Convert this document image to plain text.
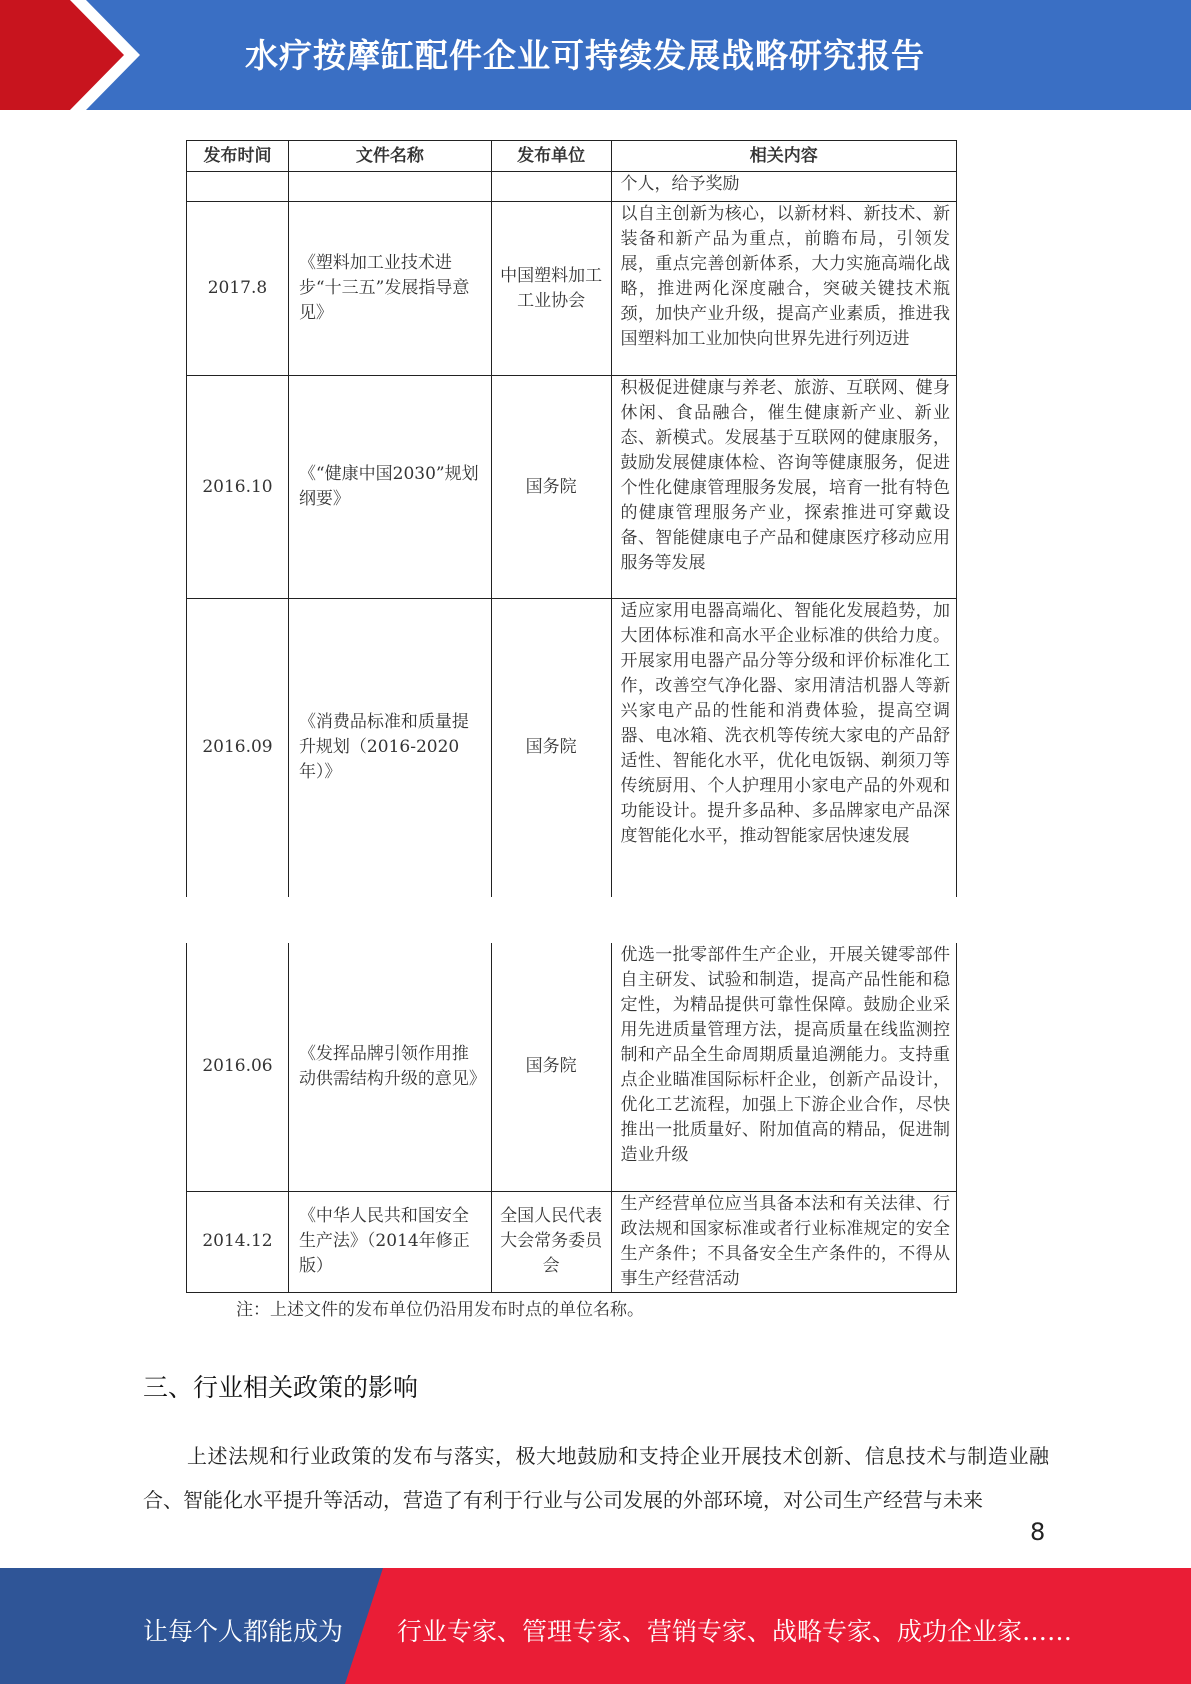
水疗按摩缸配件企业可持续发展战略研究报告
发布时间	文件名称	发布单位	相关内容
			个人，给予奖励
2017.8	《塑料加工业技术进步“十三五”发展指导意见》	中国塑料加工工业协会	以自主创新为核心，以新材料、新技术、新装备和新产品为重点，前瞻布局，引领发展，重点完善创新体系，大力实施高端化战略，推进两化深度融合，突破关键技术瓶颈，加快产业升级，提高产业素质，推进我国塑料加工业加快向世界先进行列迈进
2016.10	《“健康中国2030”规划纲要》	国务院	积极促进健康与养老、旅游、互联网、健身休闲、食品融合，催生健康新产业、新业态、新模式。发展基于互联网的健康服务，鼓励发展健康体检、咨询等健康服务，促进个性化健康管理服务发展，培育一批有特色的健康管理服务产业，探索推进可穿戴设备、智能健康电子产品和健康医疗移动应用服务等发展
2016.09	《消费品标准和质量提升规划（2016-2020年）》	国务院	适应家用电器高端化、智能化发展趋势，加大团体标准和高水平企业标准的供给力度。开展家用电器产品分等分级和评价标准化工作，改善空气净化器、家用清洁机器人等新兴家电产品的性能和消费体验，提高空调器、电冰箱、洗衣机等传统大家电的产品舒适性、智能化水平，优化电饭锅、剃须刀等传统厨用、个人护理用小家电产品的外观和功能设计。提升多品种、多品牌家电产品深度智能化水平，推动智能家居快速发展
2016.06	《发挥品牌引领作用推动供需结构升级的意见》	国务院	优选一批零部件生产企业，开展关键零部件自主研发、试验和制造，提高产品性能和稳定性，为精品提供可靠性保障。鼓励企业采用先进质量管理方法，提高质量在线监测控制和产品全生命周期质量追溯能力。支持重点企业瞄准国际标杆企业，创新产品设计，优化工艺流程，加强上下游企业合作，尽快推出一批质量好、附加值高的精品，促进制造业升级
2014.12	《中华人民共和国安全生产法》（2014年修正版）	全国人民代表大会常务委员会	生产经营单位应当具备本法和有关法律、行政法规和国家标准或者行业标准规定的安全生产条件；不具备安全生产条件的，不得从事生产经营活动
注：上述文件的发布单位仍沿用发布时点的单位名称。
三、行业相关政策的影响

上述法规和行业政策的发布与落实，极大地鼓励和支持企业开展技术创新、信息技术与制造业融合、智能化水平提升等活动，营造了有利于行业与公司发展的外部环境，对公司生产经营与未来

8
让每个人都能成为 行业专家、管理专家、营销专家、战略专家、成功企业家……
